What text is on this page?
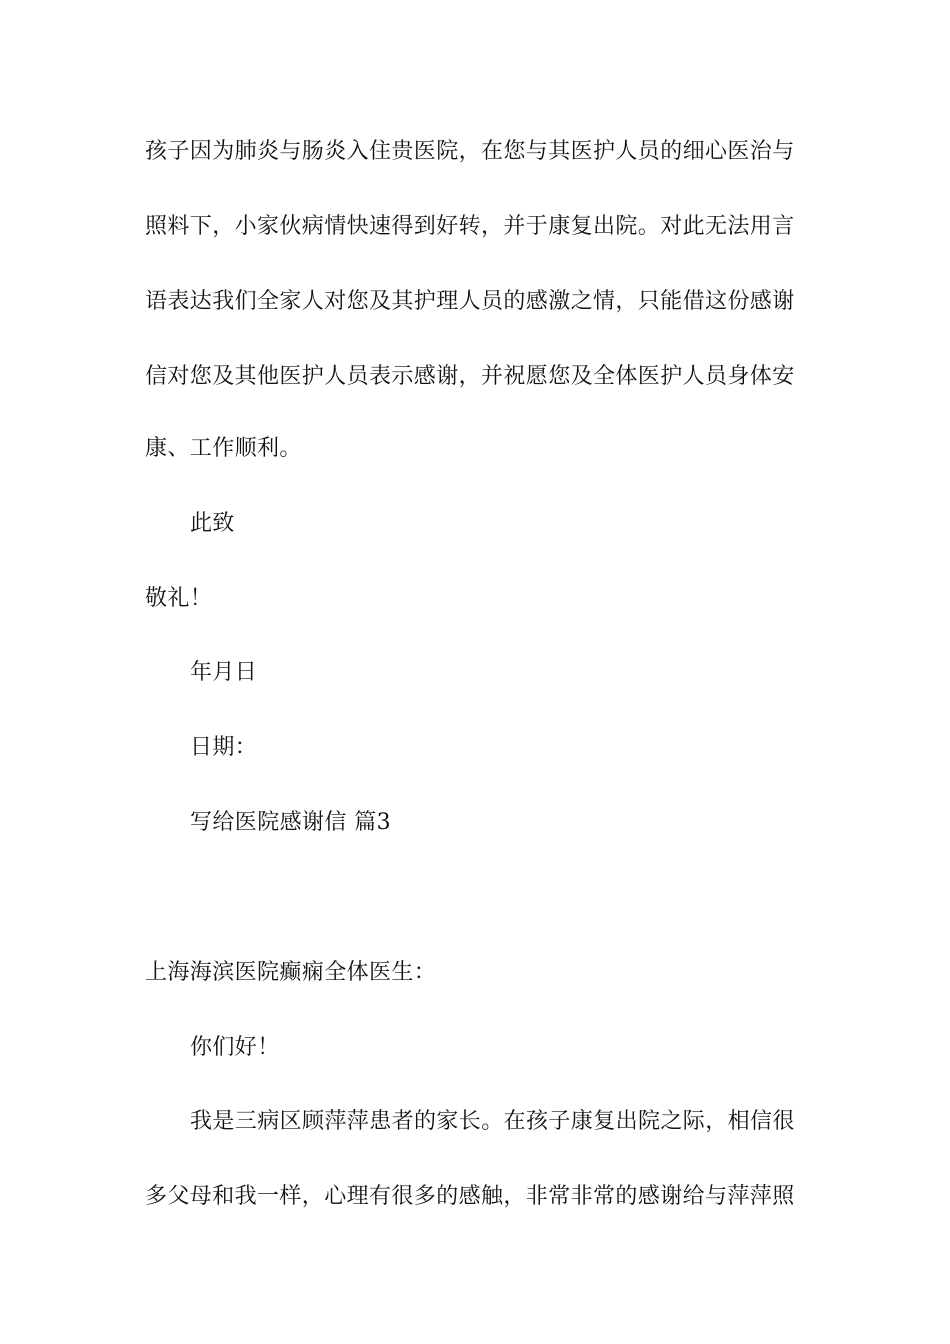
孩子因为肺炎与肠炎入住贵医院，在您与其医护人员的细心医治与
照料下，小家伙病情快速得到好转，并于康复出院。对此无法用言
语表达我们全家人对您及其护理人员的感激之情，只能借这份感谢
信对您及其他医护人员表示感谢，并祝愿您及全体医护人员身体安
康、工作顺利。
此致
敬礼！
年月日
日期：
写给医院感谢信 篇3
上海海滨医院癫痫全体医生：
你们好！
我是三病区顾萍萍患者的家长。在孩子康复出院之际，相信很
多父母和我一样，心理有很多的感触，非常非常的感谢给与萍萍照
